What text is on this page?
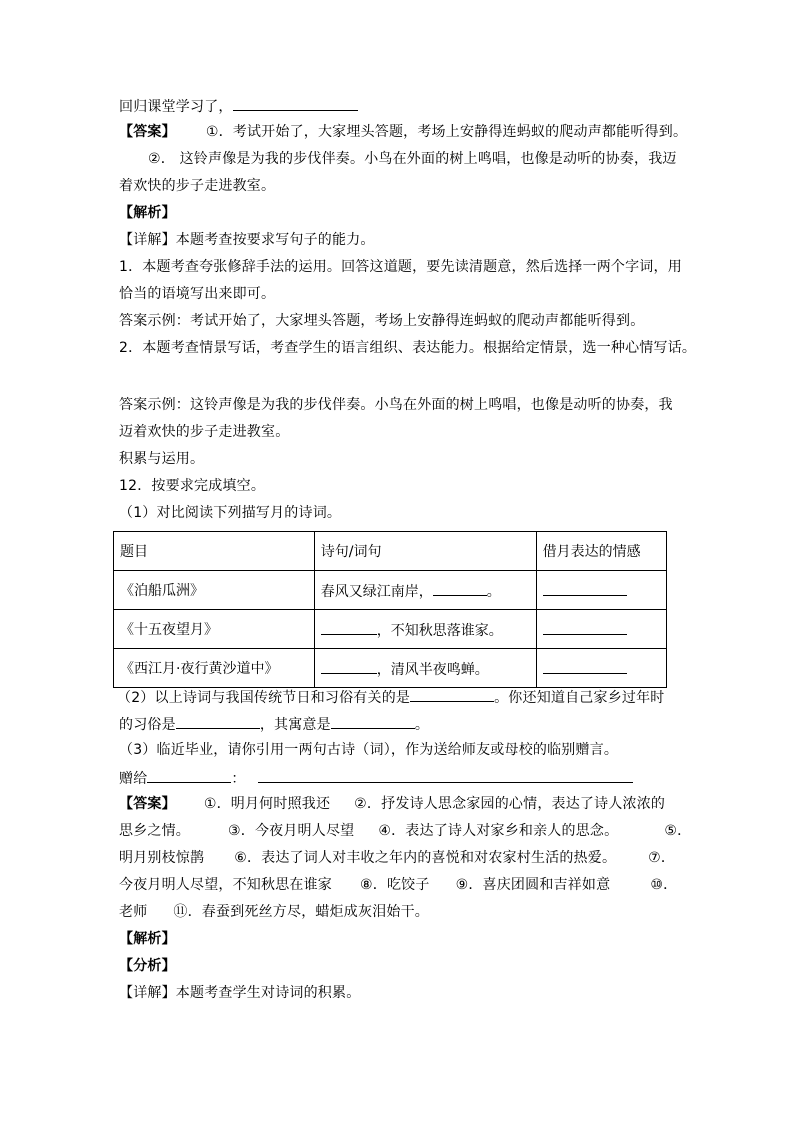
回归课堂学习了，
【答案】 ①．考试开始了，大家埋头答题，考场上安静得连蚂蚁的爬动声都能听得到。
②． 这铃声像是为我的步伐伴奏。小鸟在外面的树上鸣唱，也像是动听的协奏，我迈
着欢快的步子走进教室。
【解析】
【详解】本题考查按要求写句子的能力。
1．本题考查夸张修辞手法的运用。回答这道题，要先读清题意，然后选择一两个字词，用
恰当的语境写出来即可。
答案示例：考试开始了，大家埋头答题，考场上安静得连蚂蚁的爬动声都能听得到。
2．本题考查情景写话，考查学生的语言组织、表达能力。根据给定情景，选一种心情写话。
答案示例：这铃声像是为我的步伐伴奏。小鸟在外面的树上鸣唱，也像是动听的协奏，我
迈着欢快的步子走进教室。
积累与运用。
12．按要求完成填空。
（1）对比阅读下列描写月的诗词。
题目	诗句/词句	借月表达的情感
《泊船瓜洲》	春风又绿江南岸， 。	
《十五夜望月》	，不知秋思落谁家。	
《西江月·夜行黄沙道中》	，清风半夜鸣蝉。	
（2）以上诗词与我国传统节日和习俗有关的是	。你还知道自己家乡过年时
的习俗是	，其寓意是	。
（3）临近毕业，请你引用一两句古诗（词），作为送给师友或母校的临别赠言。
赠给	：
【答案】 ①．明月何时照我还 ②．抒发诗人思念家园的心情，表达了诗人浓浓的
思乡之情。	③．今夜月明人尽望 ④．表达了诗人对家乡和亲人的思念。	⑤．
明月别枝惊鹊 ⑥．表达了词人对丰收之年内的喜悦和对农家村生活的热爱。 ⑦．
今夜月明人尽望，不知秋思在谁家 ⑧．吃饺子 ⑨．喜庆团圆和吉祥如意	⑩．
老师 ⑪．春蚕到死丝方尽，蜡炬成灰泪始干。
【解析】
【分析】
【详解】本题考查学生对诗词的积累。
